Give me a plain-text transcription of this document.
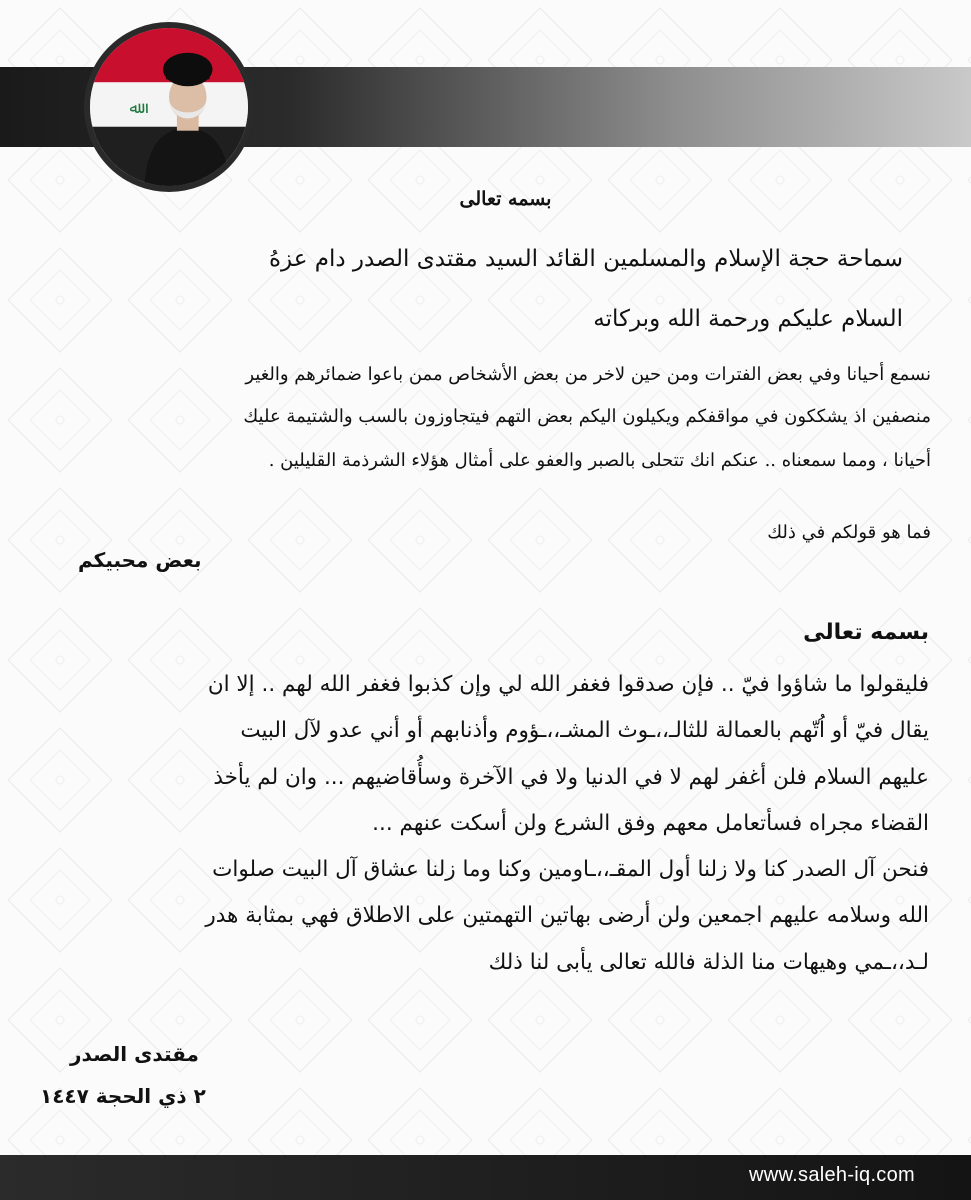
ﷲ
بسمه تعالى
سماحة حجة الإسلام والمسلمين القائد السيد مقتدى الصدر دام عزهُ
السلام عليكم ورحمة الله وبركاته
نسمع أحيانا وفي بعض الفترات ومن حين لاخر من بعض الأشخاص ممن باعوا ضمائرهم والغير
منصفين اذ يشككون في مواقفكم ويكيلون اليكم بعض التهم فيتجاوزون بالسب والشتيمة عليك
أحيانا ، ومما سمعناه .. عنكم انك تتحلى بالصبر والعفو على أمثال هؤلاء الشرذمة القليلين .
فما هو قولكم في ذلك
بعض محبيكم
بسمه تعالى
فليقولوا ما شاؤوا فيّ .. فإن صدقوا فغفر الله لي وإن كذبوا فغفر الله لهم .. إلا ان
يقال فيّ أو اُتّهم بالعمالة للثالـ،،ـوث المشـ،،ـؤوم وأذنابهم أو أني عدو لآل البيت
عليهم السلام فلن أغفر لهم لا في الدنيا ولا في الآخرة وسأُقاضيهم ... وان لم يأخذ
القضاء مجراه فسأتعامل معهم وفق الشرع ولن أسكت عنهم ...
فنحن آل الصدر كنا ولا زلنا أول المقـ،،ـاومين وكنا وما زلنا عشاق آل البيت صلوات
الله وسلامه عليهم اجمعين ولن أرضى بهاتين التهمتين على الاطلاق فهي بمثابة هدر
لـد،،ـمي وهيهات منا الذلة فالله تعالى يأبى لنا ذلك
مقتدى الصدر
٢ ذي الحجة ١٤٤٧
www.saleh-iq.com
